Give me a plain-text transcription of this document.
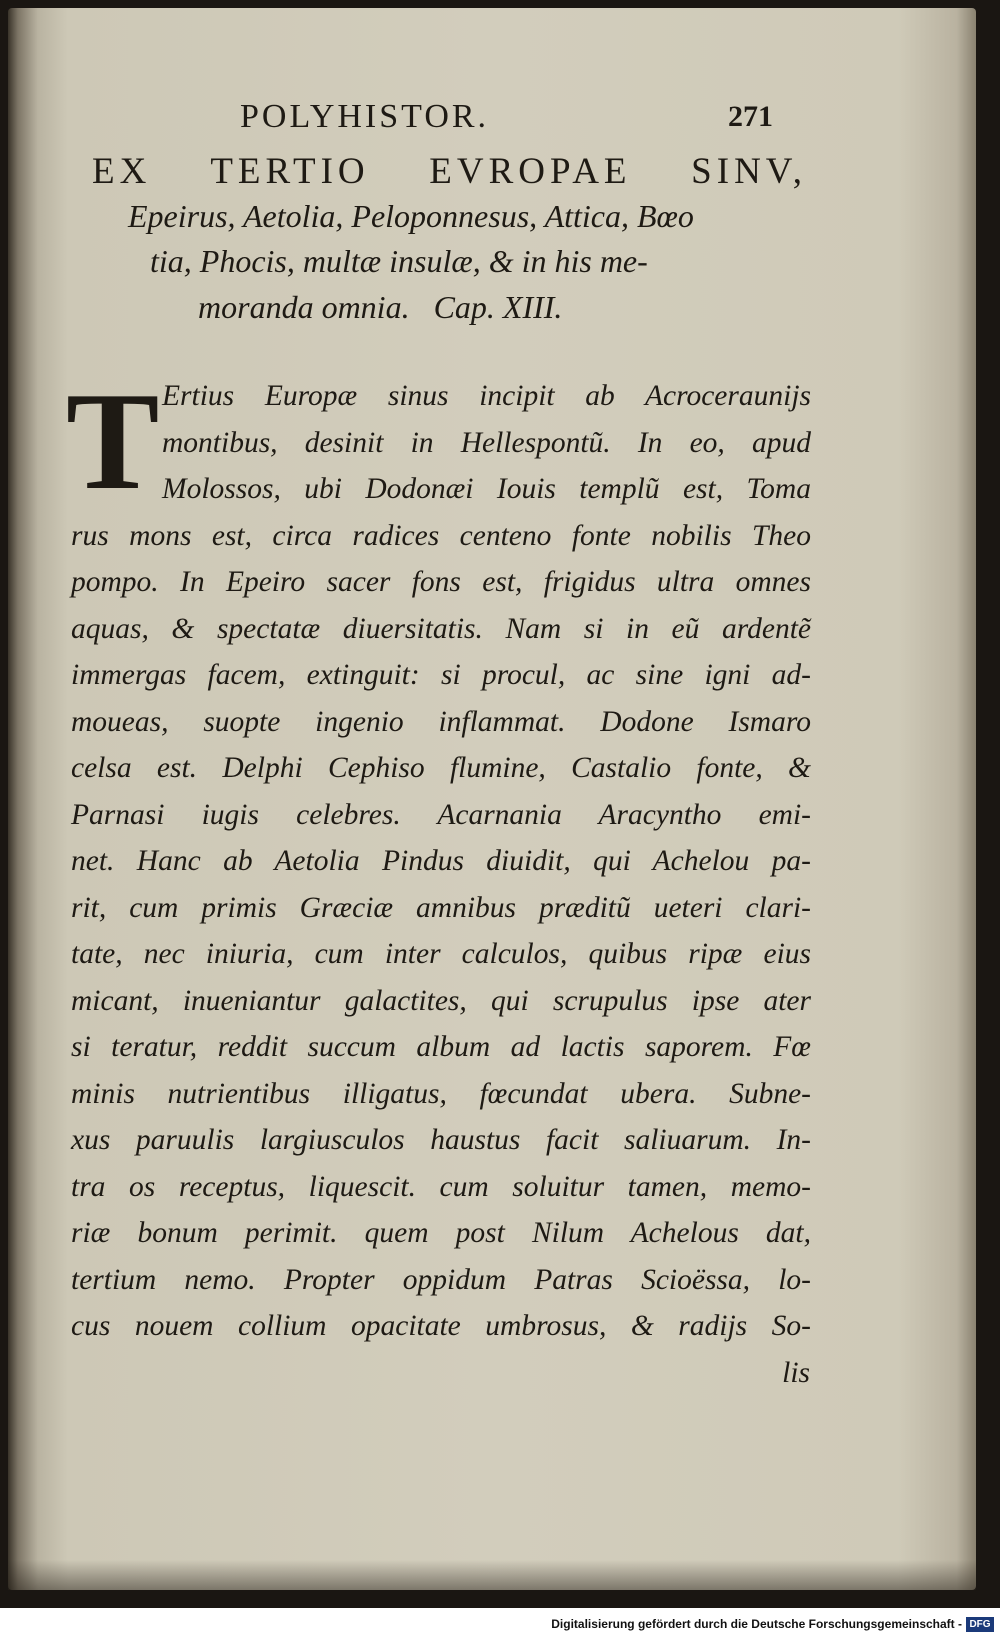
POLYHISTOR.	271
EX TERTIO EVROPAE SINV,
Epeirus, Aetolia, Peloponnesus, Attica, Bœo
tia, Phocis, multæ insulæ, & in his me-
moranda omnia.   Cap. XIII.
T Ertius Europæ sinus incipit ab Acroceraunijs
montibus, desinit in Hellespontũ. In eo, apud
Molossos, ubi Dodonæi Iouis templũ est, Toma
rus mons est, circa radices centeno fonte nobilis Theo
pompo. In Epeiro sacer fons est, frigidus ultra omnes
aquas, & spectatæ diuersitatis. Nam si in eũ ardentẽ
immergas facem, extinguit: si procul, ac sine igni ad-
moueas, suopte ingenio inflammat. Dodone Ismaro
celsa est. Delphi Cephiso flumine, Castalio fonte, &
Parnasi iugis celebres. Acarnania Aracyntho emi-
net. Hanc ab Aetolia Pindus diuidit, qui Achelou pa-
rit, cum primis Græciæ amnibus præditũ ueteri clari-
tate, nec iniuria, cum inter calculos, quibus ripæ eius
micant, inueniantur galactites, qui scrupulus ipse ater
si teratur, reddit succum album ad lactis saporem. Fœ
minis nutrientibus illigatus, fœcundat ubera. Subne-
xus paruulis largiusculos haustus facit saliuarum. In-
tra os receptus, liquescit. cum soluitur tamen, memo-
riæ bonum perimit. quem post Nilum Achelous dat,
tertium nemo. Propter oppidum Patras Scioëssa, lo-
cus nouem collium opacitate umbrosus, & radijs So-
lis
Digitalisierung gefördert durch die Deutsche Forschungsgemeinschaft - DFG
